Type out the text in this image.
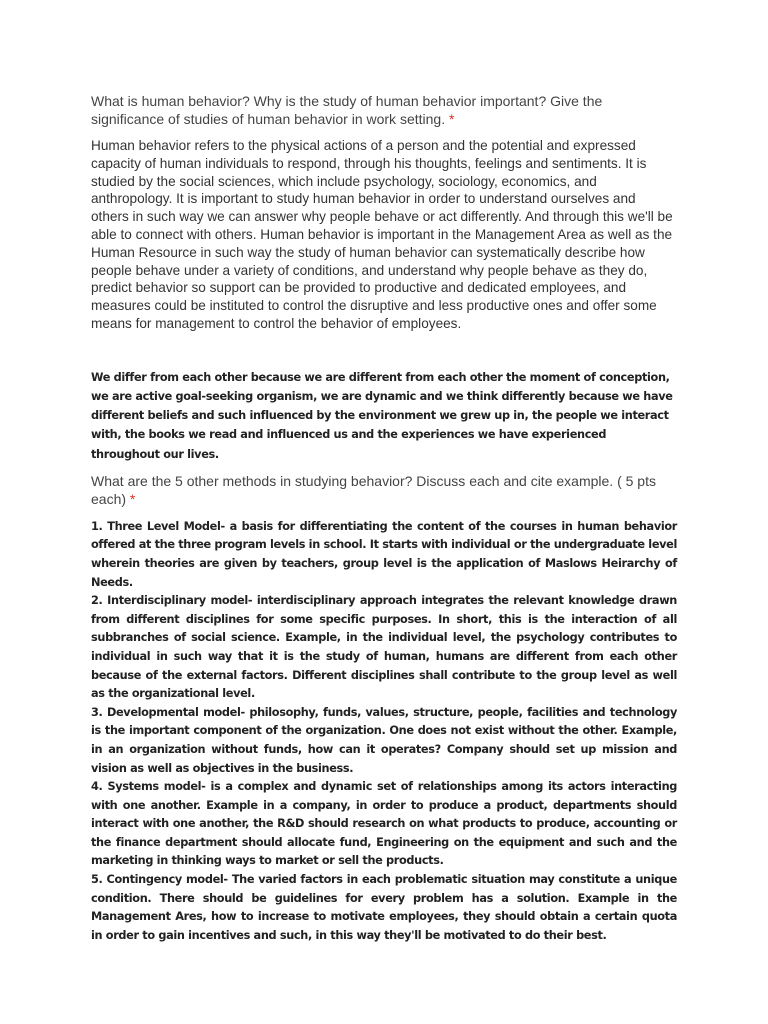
What is human behavior? Why is the study of human behavior important? Give the significance of studies of human behavior in work setting. *

Human behavior refers to the physical actions of a person and the potential and expressed capacity of human individuals to respond, through his thoughts, feelings and sentiments. It is studied by the social sciences, which include psychology, sociology, economics, and anthropology. It is important to study human behavior in order to understand ourselves and others in such way we can answer why people behave or act differently. And through this we'll be able to connect with others. Human behavior is important in the Management Area as well as the Human Resource in such way the study of human behavior can systematically describe how people behave under a variety of conditions, and understand why people behave as they do, predict behavior so support can be provided to productive and dedicated employees, and measures could be instituted to control the disruptive and less productive ones and offer some means for management to control the behavior of employees.

We differ from each other because we are different from each other the moment of conception, we are active goal-seeking organism, we are dynamic and we think differently because we have different beliefs and such influenced by the environment we grew up in, the people we interact with, the books we read and influenced us and the experiences we have experienced throughout our lives.

What are the 5 other methods in studying behavior? Discuss each and cite example. ( 5 pts each) *

1. Three Level Model- a basis for differentiating the content of the courses in human behavior offered at the three program levels in school. It starts with individual or the undergraduate level wherein theories are given by teachers, group level is the application of Maslows Heirarchy of Needs.

2. Interdisciplinary model- interdisciplinary approach integrates the relevant knowledge drawn from different disciplines for some specific purposes. In short, this is the interaction of all subbranches of social science. Example, in the individual level, the psychology contributes to individual in such way that it is the study of human, humans are different from each other because of the external factors. Different disciplines shall contribute to the group level as well as the organizational level.

3. Developmental model- philosophy, funds, values, structure, people, facilities and technology is the important component of the organization. One does not exist without the other. Example, in an organization without funds, how can it operates? Company should set up mission and vision as well as objectives in the business.

4. Systems model- is a complex and dynamic set of relationships among its actors interacting with one another. Example in a company, in order to produce a product, departments should interact with one another, the R&D should research on what products to produce, accounting or the finance department should allocate fund, Engineering on the equipment and such and the marketing in thinking ways to market or sell the products.

5. Contingency model- The varied factors in each problematic situation may constitute a unique condition. There should be guidelines for every problem has a solution. Example in the Management Ares, how to increase to motivate employees, they should obtain a certain quota in order to gain incentives and such, in this way they'll be motivated to do their best.
